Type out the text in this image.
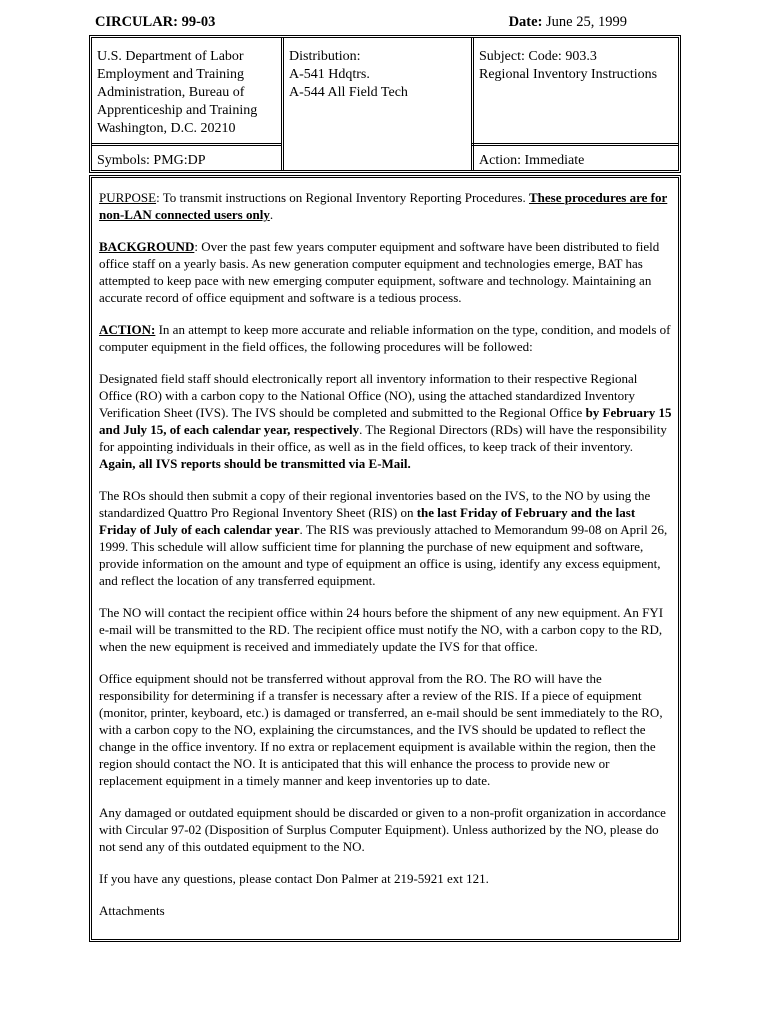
CIRCULAR: 99-03	Date: June 25, 1999
U.S. Department of Labor
Employment and Training
Administration, Bureau of
Apprenticeship and Training
Washington, D.C. 20210
Distribution:
A-541 Hdqtrs.
A-544 All Field Tech
Subject: Code: 903.3
Regional Inventory Instructions
Symbols: PMG:DP	Action: Immediate

PURPOSE: To transmit instructions on Regional Inventory Reporting Procedures. These procedures are for non-LAN connected users only.

BACKGROUND: Over the past few years computer equipment and software have been distributed to field office staff on a yearly basis. As new generation computer equipment and technologies emerge, BAT has attempted to keep pace with new emerging computer equipment, software and technology. Maintaining an accurate record of office equipment and software is a tedious process.

ACTION: In an attempt to keep more accurate and reliable information on the type, condition, and models of computer equipment in the field offices, the following procedures will be followed:

Designated field staff should electronically report all inventory information to their respective Regional Office (RO) with a carbon copy to the National Office (NO), using the attached standardized Inventory Verification Sheet (IVS). The IVS should be completed and submitted to the Regional Office by February 15 and July 15, of each calendar year, respectively. The Regional Directors (RDs) will have the responsibility for appointing individuals in their office, as well as in the field offices, to keep track of their inventory. Again, all IVS reports should be transmitted via E-Mail.

The ROs should then submit a copy of their regional inventories based on the IVS, to the NO by using the standardized Quattro Pro Regional Inventory Sheet (RIS) on the last Friday of February and the last Friday of July of each calendar year. The RIS was previously attached to Memorandum 99-08 on April 26, 1999. This schedule will allow sufficient time for planning the purchase of new equipment and software, provide information on the amount and type of equipment an office is using, identify any excess equipment, and reflect the location of any transferred equipment.

The NO will contact the recipient office within 24 hours before the shipment of any new equipment. An FYI e-mail will be transmitted to the RD. The recipient office must notify the NO, with a carbon copy to the RD, when the new equipment is received and immediately update the IVS for that office.

Office equipment should not be transferred without approval from the RO. The RO will have the responsibility for determining if a transfer is necessary after a review of the RIS. If a piece of equipment (monitor, printer, keyboard, etc.) is damaged or transferred, an e-mail should be sent immediately to the RO, with a carbon copy to the NO, explaining the circumstances, and the IVS should be updated to reflect the change in the office inventory. If no extra or replacement equipment is available within the region, then the region should contact the NO. It is anticipated that this will enhance the process to provide new or replacement equipment in a timely manner and keep inventories up to date.

Any damaged or outdated equipment should be discarded or given to a non-profit organization in accordance with Circular 97-02 (Disposition of Surplus Computer Equipment). Unless authorized by the NO, please do not send any of this outdated equipment to the NO.

If you have any questions, please contact Don Palmer at 219-5921 ext 121.

Attachments
